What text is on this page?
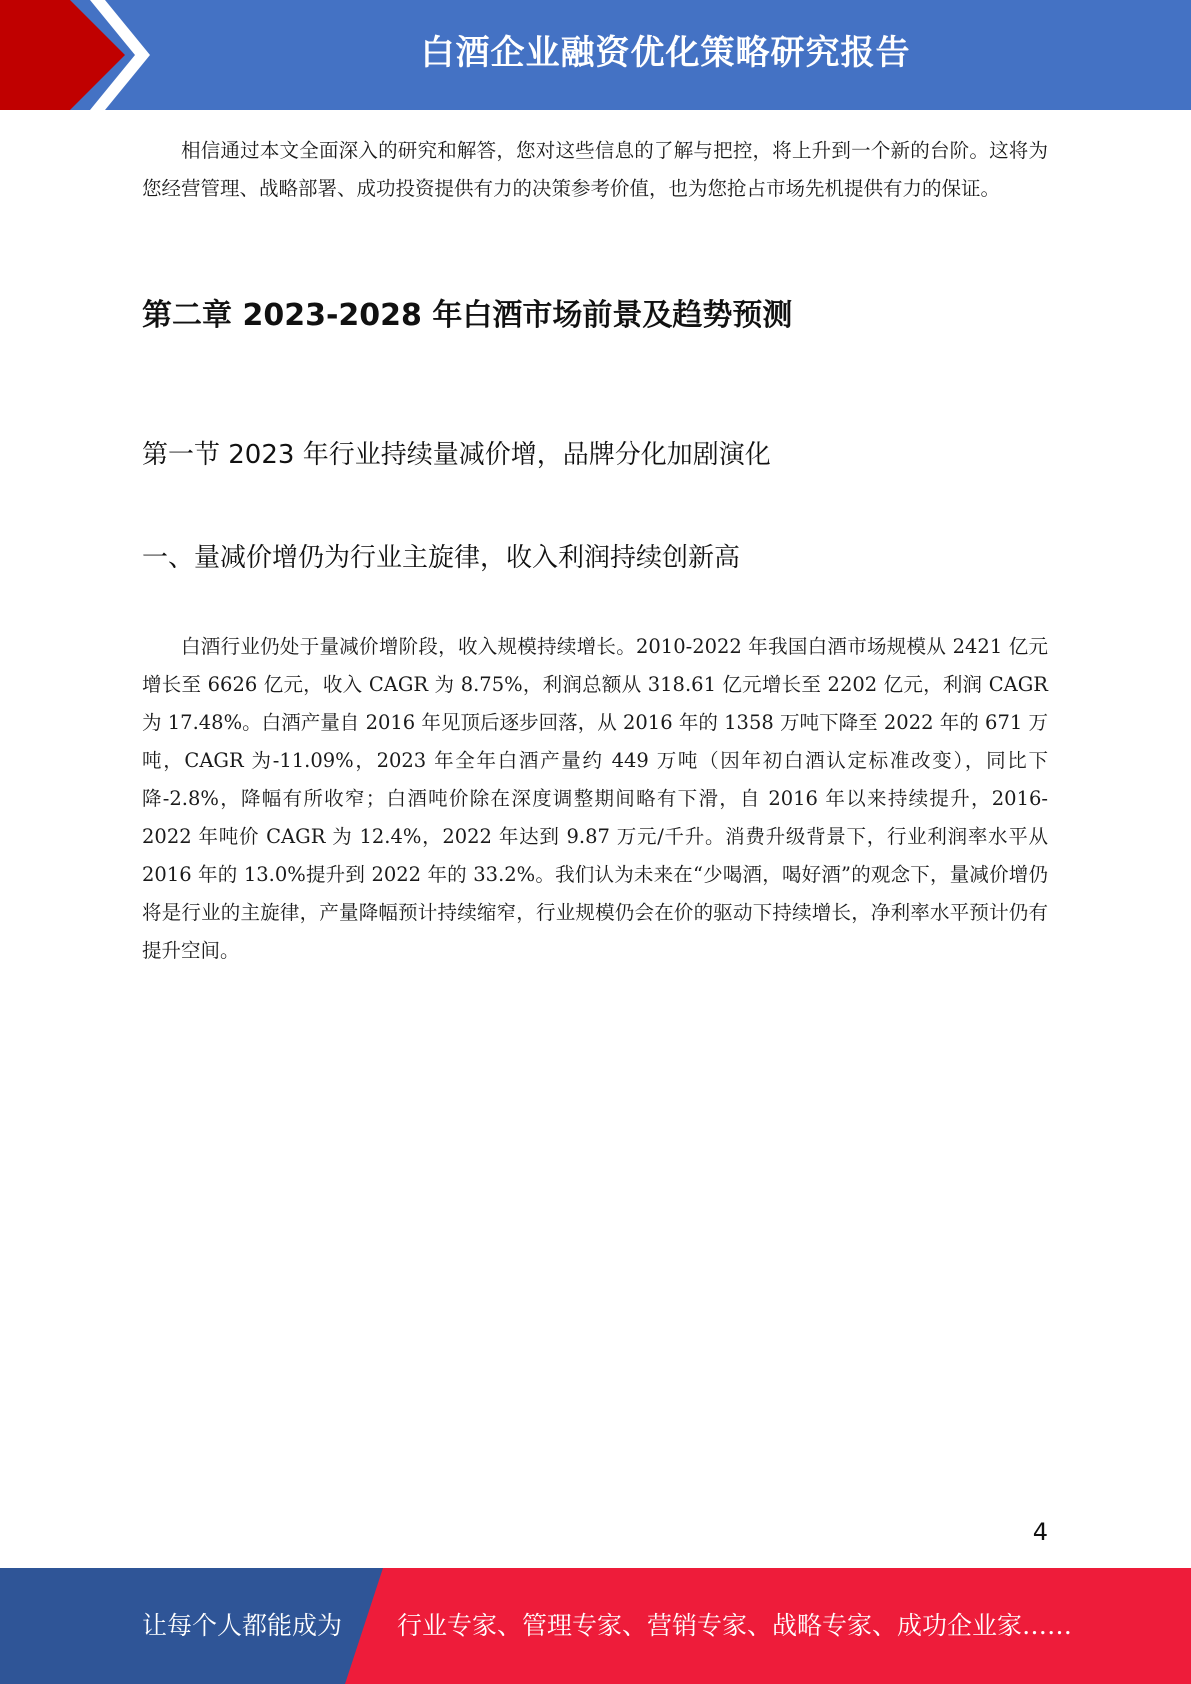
白酒企业融资优化策略研究报告

相信通过本文全面深入的研究和解答，您对这些信息的了解与把控，将上升到一个新的台阶。这将为您经营管理、战略部署、成功投资提供有力的决策参考价值，也为您抢占市场先机提供有力的保证。

第二章 2023-2028 年白酒市场前景及趋势预测
第一节 2023 年行业持续量减价增，品牌分化加剧演化
一、量减价增仍为行业主旋律，收入利润持续创新高

白酒行业仍处于量减价增阶段，收入规模持续增长。2010-2022 年我国白酒市场规模从 2421 亿元增长至 6626 亿元，收入 CAGR 为 8.75%，利润总额从 318.61 亿元增长至 2202 亿元，利润 CAGR 为 17.48%。白酒产量自 2016 年见顶后逐步回落，从 2016 年的 1358 万吨下降至 2022 年的 671 万吨，CAGR 为-11.09%，2023 年全年白酒产量约 449 万吨（因年初白酒认定标准改变），同比下降-2.8%，降幅有所收窄；白酒吨价除在深度调整期间略有下滑，自 2016 年以来持续提升，2016-2022 年吨价 CAGR 为 12.4%，2022 年达到 9.87 万元/千升。消费升级背景下，行业利润率水平从 2016 年的 13.0%提升到 2022 年的 33.2%。我们认为未来在“少喝酒，喝好酒”的观念下，量减价增仍将是行业的主旋律，产量降幅预计持续缩窄，行业规模仍会在价的驱动下持续增长，净利率水平预计仍有提升空间。

4
让每个人都能成为 行业专家、管理专家、营销专家、战略专家、成功企业家……
